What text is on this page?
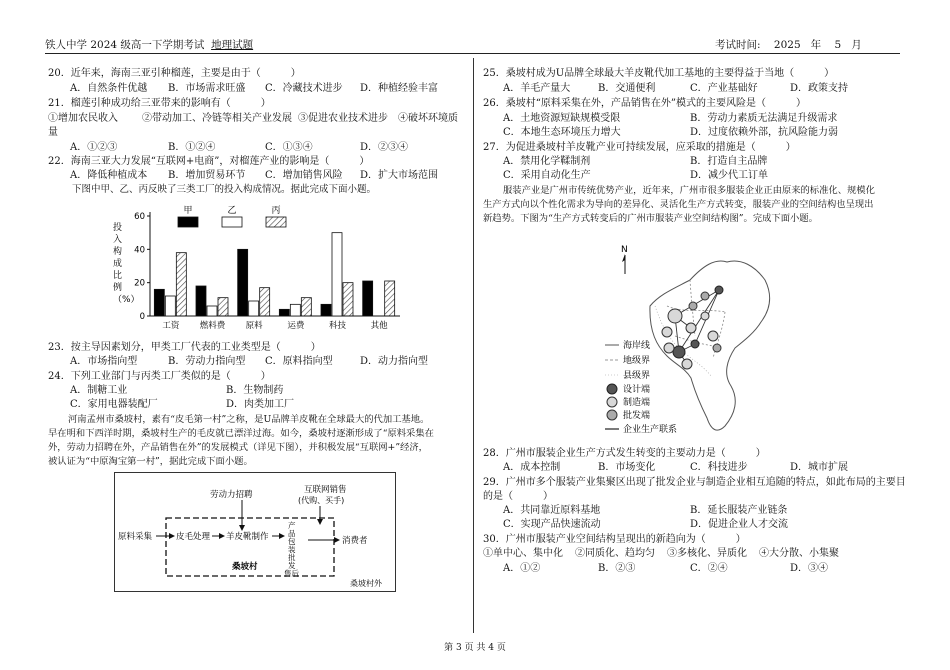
铁人中学 2024 级高一下学期考试 地理试题	考试时间: 2025 年 5 月
20．近年来，海南三亚引种榴莲，主要是由于（　　　）
A．自然条件优越 B．市场需求旺盛 C．冷藏技术进步 D．种植经验丰富
21．榴莲引种成功给三亚带来的影响有（　　　）
①增加农民收入 ②带动加工、冷链等相关产业发展 ③促进农业技术进步 ④破坏环境质
量
A．①②③	B．①②④	C．①③④	D．②③④
22．海南三亚大力发展“互联网+电商”，对榴莲产业的影响是（　　　）
A．降低种植成本 B．增加贸易环节 C．增加销售风险 D．扩大市场范围
下图中甲、乙、丙反映了三类工厂的投入构成情况。据此完成下面小题。
投
入
构
成
比
例
（%）
0
20
40
60
工资 燃料费 原料	运费	科技	其他
甲	乙	丙
23．按主导因素划分，甲类工厂代表的工业类型是（　　　）
A．市场指向型	B．劳动力指向型 C．原料指向型	D．动力指向型
24．下列工业部门与丙类工厂类似的是（　　　）
A．制糖工业	B．生物制药
C．家用电器装配厂	D．肉类加工厂
河南孟州市桑坡村，素有“皮毛第一村”之称，是U品牌羊皮靴在全球最大的代加工基地。
早在明和下西洋时期，桑坡村生产的毛皮就已漂洋过海。如今，桑坡村逐渐形成了“原料采集在
外，劳动力招聘在外，产品销售在外”的发展模式（详见下图），并积极发展“互联网+”经济，
被认证为“中原淘宝第一村”，据此完成下面小题。
劳动力招聘	互联网销售
(代购、买手)
原料采集	皮毛处理 羊皮靴制作
产
品
包
装
批
发
售后
消费者
桑坡村
桑坡村外
25．桑坡村成为U品牌全球最大羊皮靴代加工基地的主要得益于当地（　　　）
A．羊毛产量大	B．交通便利	C．产业基础好	D．政策支持
26．桑坡村“原料采集在外，产品销售在外”模式的主要风险是（　　　）
A．土地资源短缺规模受限	B．劳动力素质无法满足升级需求
C．本地生态环境压力增大	D．过度依赖外部，抗风险能力弱
27．为促进桑坡村羊皮靴产业可持续发展，应采取的措施是（　　　）
A．禁用化学鞣制剂	B．打造自主品牌
C．采用自动化生产	D．减少代工订单
服装产业是广州市传统优势产业，近年来，广州市很多服装企业正由原来的标准化、规模化
生产方式向以个性化需求为导向的差异化、灵活化生产方式转变，服装产业的空间结构也呈现出
新趋势。下图为“生产方式转变后的广州市服装产业空间结构图”。完成下面小题。
N
海岸线
地级界
县级界
设计端
制造端
批发端
企业生产联系
28．广州市服装企业生产方式发生转变的主要动力是（　　　）
A．成本控制	B．市场变化	C．科技进步	D．城市扩展
29．广州市多个服装产业集聚区出现了批发企业与制造企业相互追随的特点，如此布局的主要目
的是（　　　）
A．共同靠近原料基地	B．延长服装产业链条
C．实现产品快速流动	D．促进企业人才交流
30．广州市服装产业空间结构呈现出的新趋向为（　　　）
①单中心、集中化 ②同质化、趋均匀 ③多核化、异质化 ④大分散、小集聚
A．①②	B．②③	C．②④	D．③④
第 3 页 共 4 页
